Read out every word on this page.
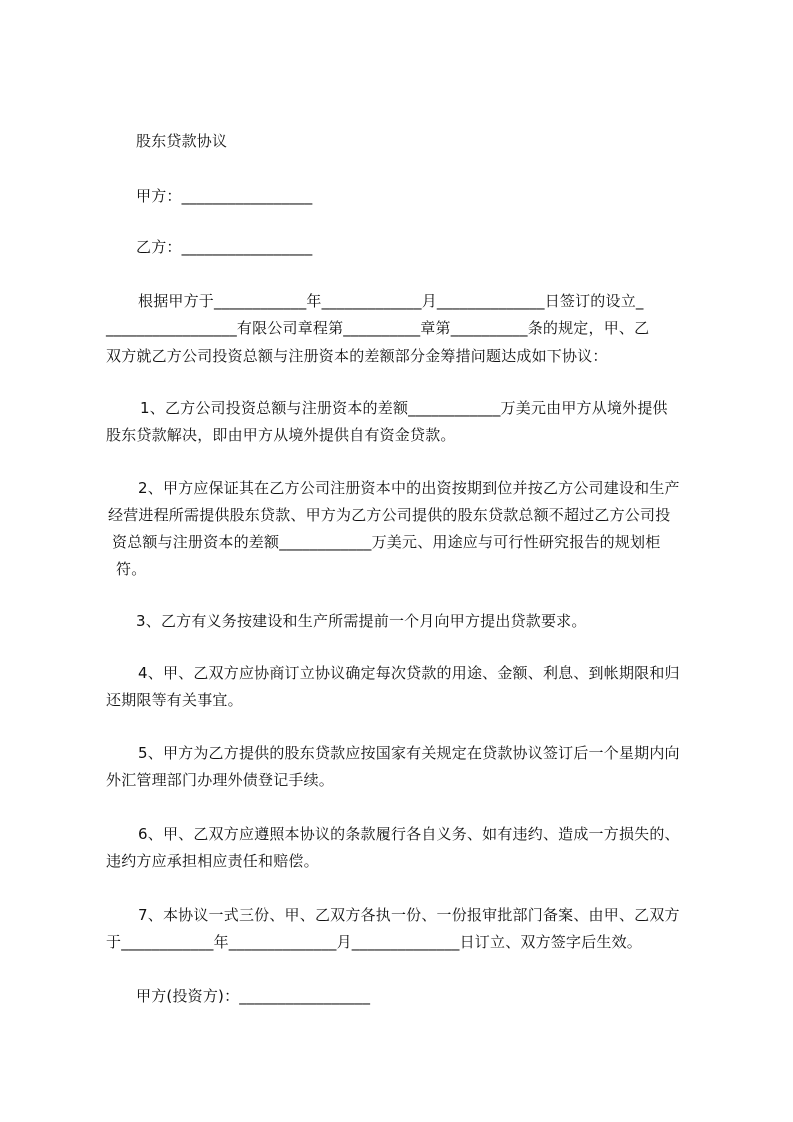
股东贷款协议
甲方：_________________
乙方：_________________
根据甲方于____________年_____________月______________日签订的设立_
_________________有限公司章程第__________章第__________条的规定，甲、乙
双方就乙方公司投资总额与注册资本的差额部分金筹措问题达成如下协议：
1、乙方公司投资总额与注册资本的差额____________万美元由甲方从境外提供
股东贷款解决，即由甲方从境外提供自有资金贷款。
2、甲方应保证其在乙方公司注册资本中的出资按期到位并按乙方公司建设和生产
经营进程所需提供股东贷款、甲方为乙方公司提供的股东贷款总额不超过乙方公司投
资总额与注册资本的差额____________万美元、用途应与可行性研究报告的规划柜
符。
3、乙方有义务按建设和生产所需提前一个月向甲方提出贷款要求。
4、甲、乙双方应协商订立协议确定每次贷款的用途、金额、利息、到帐期限和归
还期限等有关事宜。
5、甲方为乙方提供的股东贷款应按国家有关规定在贷款协议签订后一个星期内向
外汇管理部门办理外债登记手续。
6、甲、乙双方应遵照本协议的条款履行各自义务、如有违约、造成一方损失的、
违约方应承担相应责任和赔偿。
7、本协议一式三份、甲、乙双方各执一份、一份报审批部门备案、由甲、乙双方
于____________年______________月______________日订立、双方签字后生效。
甲方(投资方)：_________________
